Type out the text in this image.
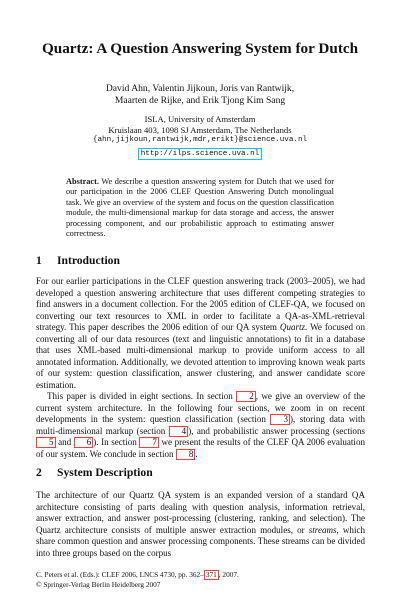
Quartz: A Question Answering System for Dutch
David Ahn, Valentin Jijkoun, Joris van Rantwijk,
Maarten de Rijke, and Erik Tjong Kim Sang
ISLA, University of Amsterdam
Kruislaan 403, 1098 SJ Amsterdam, The Netherlands
{ahn,jijkoun,rantwijk,mdr,erikt}@science.uva.nl
http://ilps.science.uva.nl
Abstract. We describe a question answering system for Dutch that we used for our participation in the 2006 CLEF Question Answering Dutch monolingual task. We give an overview of the system and focus on the question classification module, the multi-dimensional markup for data storage and access, the answer processing component, and our probabilistic approach to estimating answer correctness.
1 Introduction

For our earlier participations in the CLEF question answering track (2003–2005), we had developed a question answering architecture that uses different competing strategies to find answers in a document collection. For the 2005 edition of CLEF-QA, we focused on converting our text resources to XML in order to facilitate a QA-as-XML-retrieval strategy. This paper describes the 2006 edition of our QA system Quartz. We focused on converting all of our data resources (text and linguistic annotations) to fit in a database that uses XML-based multi-dimensional markup to provide uniform access to all annotated information. Additionally, we devoted attention to improving known weak parts of our system: question classification, answer clustering, and answer candidate score estimation.

This paper is divided in eight sections. In section 2 , we give an overview of the current system architecture. In the following four sections, we zoom in on recent developments in the system: question classification (section 3 ), storing data with multi-dimensional markup (section 4 ), and probabilistic answer processing (sections 5 and 6 ). In section 7 we present the results of the CLEF QA 2006 evaluation of our system. We conclude in section 8 .

2 System Description

The architecture of our Quartz QA system is an expanded version of a standard QA architecture consisting of parts dealing with question analysis, information retrieval, answer extraction, and answer post-processing (clustering, ranking, and selection). The Quartz architecture consists of multiple answer extraction modules, or streams, which share common question and answer processing components. These streams can be divided into three groups based on the corpus

C. Peters et al. (Eds.): CLEF 2006, LNCS 4730, pp. 362– 371 , 2007.
© Springer-Verlag Berlin Heidelberg 2007
